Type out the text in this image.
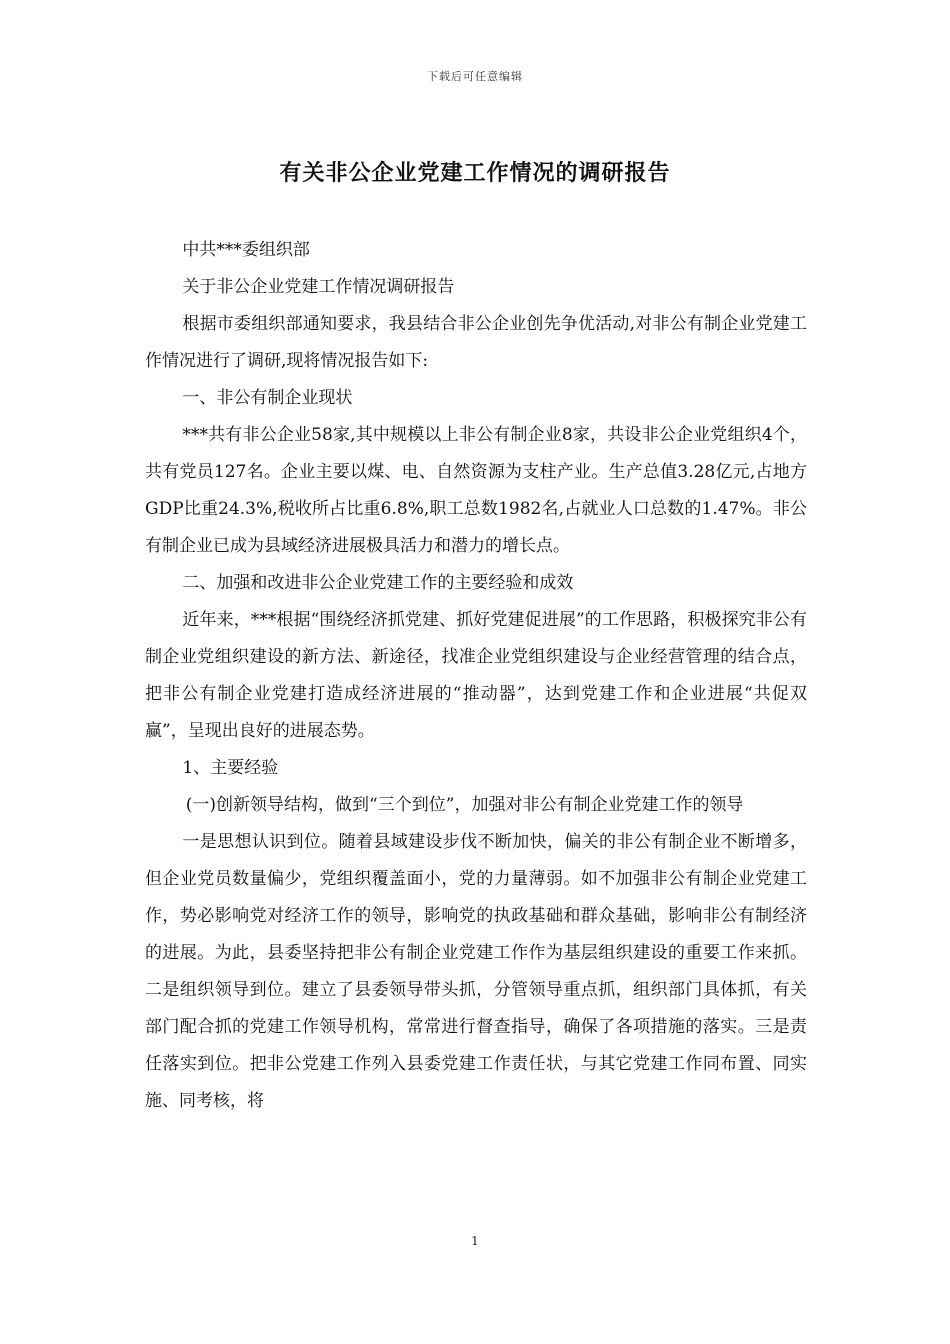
下载后可任意编辑
有关非公企业党建工作情况的调研报告

中共***委组织部

关于非公企业党建工作情况调研报告

根据市委组织部通知要求，我县结合非公企业创先争优活动,对非公有制企业党建工作情况进行了调研,现将情况报告如下:

一、非公有制企业现状

***共有非公企业58家,其中规模以上非公有制企业8家，共设非公企业党组织4个，共有党员127名。企业主要以煤、电、自然资源为支柱产业。生产总值3.28亿元,占地方GDP比重24.3%,税收所占比重6.8%,职工总数1982名,占就业人口总数的1.47%。非公有制企业已成为县域经济进展极具活力和潜力的增长点。

二、加强和改进非公企业党建工作的主要经验和成效

近年来，***根据“围绕经济抓党建、抓好党建促进展”的工作思路，积极探究非公有制企业党组织建设的新方法、新途径，找准企业党组织建设与企业经营管理的结合点，把非公有制企业党建打造成经济进展的“推动器”，达到党建工作和企业进展“共促双赢”，呈现出良好的进展态势。

1、主要经验

(一)创新领导结构，做到“三个到位”，加强对非公有制企业党建工作的领导

一是思想认识到位。随着县域建设步伐不断加快，偏关的非公有制企业不断增多，但企业党员数量偏少，党组织覆盖面小，党的力量薄弱。如不加强非公有制企业党建工作，势必影响党对经济工作的领导，影响党的执政基础和群众基础，影响非公有制经济的进展。为此，县委坚持把非公有制企业党建工作作为基层组织建设的重要工作来抓。二是组织领导到位。建立了县委领导带头抓，分管领导重点抓，组织部门具体抓，有关部门配合抓的党建工作领导机构，常常进行督查指导，确保了各项措施的落实。三是责任落实到位。把非公党建工作列入县委党建工作责任状，与其它党建工作同布置、同实施、同考核，将

1
